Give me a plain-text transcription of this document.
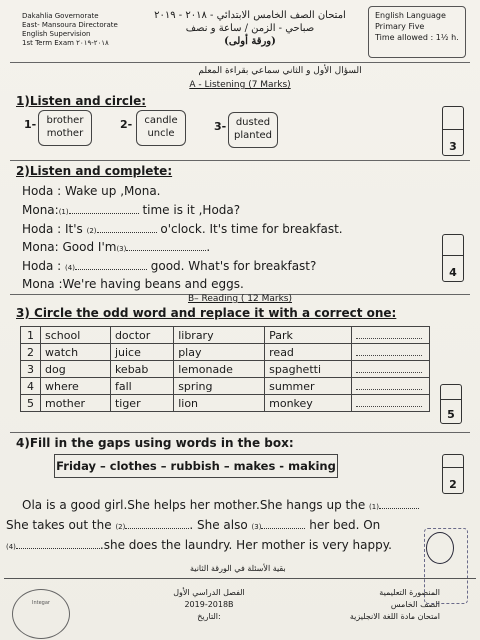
Dakahlia Governorate
East- Mansoura Directorate
English Supervision
1st Term Exam ٢٠١٨-٢٠١٩
امتحان الصف الخامس الابتدائي - ٢٠١٨ - ٢٠١٩
صباحي - الزمن / ساعة و نصف
(ورقة أولى)
English Language
Primary Five
Time allowed : 1½ h.
السؤال الأول و الثاني سماعي بقراءة المعلم
A - Listening (7 Marks)
1)Listen and circle:
1-	brother
mother
2-	candle
uncle
3- dusted
planted
3
2)Listen and complete:
Hoda : Wake up ,Mona.
Mona:(1)	time is it ,Hoda?
Hoda : It's (2)	o'clock. It's time for breakfast.
Mona: Good I'm(3)	.
Hoda : (4)	good. What's for breakfast?
Mona :We're having beans and eggs.
4
B– Reading ( 12 Marks)
3) Circle the odd word and replace it with a correct one:
1	school	doctor	library	Park	
2	watch	juice	play	read	
3	dog	kebab	lemonade	spaghetti	
4	where	fall	spring	summer	
5	mother	tiger	lion	monkey	
5
4)Fill in the gaps using words in the box:
Friday – clothes – rubbish – makes - making
2
Ola is a good girl.She helps her mother.She hangs up the (1)
She takes out the (2)	. She also (3)	her bed. On
(4)	.she does the laundry. Her mother is very happy.
بقية الأسئلة في الورقة الثانية
Integar
الفصل الدراسي الأول
2019-2018B
التاريخ:
المنصورة التعليمية
الصف الخامس
امتحان مادة اللغة الانجليزية
